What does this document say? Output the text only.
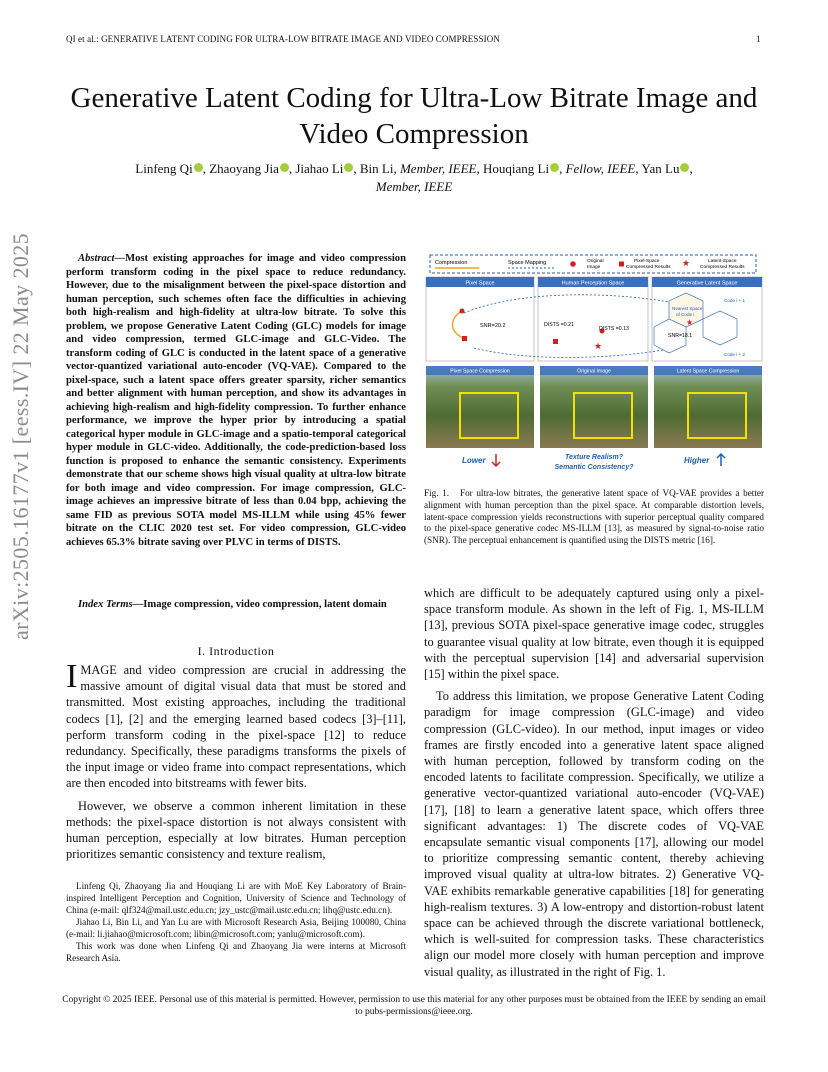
QI et al.: GENERATIVE LATENT CODING FOR ULTRA-LOW BITRATE IMAGE AND VIDEO COMPRESSION	1
arXiv:2505.16177v1 [eess.IV] 22 May 2025
Generative Latent Coding for Ultra-Low Bitrate Image and Video Compression
Linfeng Qi , Zhaoyang Jia , Jiahao Li , Bin Li, Member, IEEE, Houqiang Li , Fellow, IEEE, Yan Lu ,
Member, IEEE
Abstract—Most existing approaches for image and video compression perform transform coding in the pixel space to reduce redundancy. However, due to the misalignment between the pixel-space distortion and human perception, such schemes often face the difficulties in achieving both high-realism and high-fidelity at ultra-low bitrate. To solve this problem, we propose Generative Latent Coding (GLC) models for image and video compression, termed GLC-image and GLC-Video. The transform coding of GLC is conducted in the latent space of a generative vector-quantized variational auto-encoder (VQ-VAE). Compared to the pixel-space, such a latent space offers greater sparsity, richer semantics and better alignment with human perception, and show its advantages in achieving high-realism and high-fidelity compression. To further enhance performance, we improve the hyper prior by introducing a spatial categorical hyper module in GLC-image and a spatio-temporal categorical hyper module in GLC-video. Additionally, the code-prediction-based loss function is proposed to enhance the semantic consistency. Experiments demonstrate that our scheme shows high visual quality at ultra-low bitrate for both image and video compression. For image compression, GLC-image achieves an impressive bitrate of less than 0.04 bpp, achieving the same FID as previous SOTA model MS-ILLM while using 45% fewer bitrate on the CLIC 2020 test set. For video compression, GLC-video achieves 65.3% bitrate saving over PLVC in terms of DISTS.
Index Terms—Image compression, video compression, latent domain
I. Introduction

IMAGE and video compression are crucial in addressing the massive amount of digital visual data that must be stored and transmitted. Most existing approaches, including the traditional codecs [1], [2] and the emerging learned based codecs [3]–[11], perform transform coding in the pixel-space [12] to reduce redundancy. Specifically, these paradigms transforms the pixels of the input image or video frame into compact representations, which are then encoded into bitstreams with fewer bits.

However, we observe a common inherent limitation in these methods: the pixel-space distortion is not always consistent with human perception, especially at low bitrates. Human perception prioritizes semantic consistency and texture realism,

Linfeng Qi, Zhaoyang Jia and Houqiang Li are with MoE Key Laboratory of Brain-inspired Intelligent Perception and Cognition, University of Science and Technology of China (e-mail: qlf324@mail.ustc.edu.cn; jzy_ustc@mail.ustc.edu.cn; lihq@ustc.edu.cn).

Jiahao Li, Bin Li, and Yan Lu are with Microsoft Research Asia, Beijing 100080, China (e-mail: li.jiahao@microsoft.com; libin@microsoft.com; yanlu@microsoft.com).

This work was done when Linfeng Qi and Zhaoyang Jia were interns at Microsoft Research Asia.

Copyright © 2025 IEEE. Personal use of this material is permitted. However, permission to use this material for any other purposes must be obtained from the IEEE by sending an email to pubs-permissions@ieee.org.
Compression	Space Mapping	Original
Image
Pixel-Space
Compressed Results ★	Latent-Space
Compressed Results
Pixel Space	Human Perception Space	Generative Latent Space
SNR=20.2
★
DISTS =0.21
DISTS =0.13
Nearest Space
of Code i
SNR=18.1
★
Code i + 1
Code i + 2
Pixel Space Compression	Original Image	Latent Space Compression
Lower	Texture Realism?
Semantic Consistency?
Higher
Fig. 1. For ultra-low bitrates, the generative latent space of VQ-VAE provides a better alignment with human perception than the pixel space. At comparable distortion levels, latent-space compression yields reconstructions with superior perceptual quality compared to the pixel-space generative codec MS-ILLM [13], as measured by signal-to-noise ratio (SNR). The perceptual enhancement is quantified using the DISTS metric [16].

which are difficult to be adequately captured using only a pixel-space transform module. As shown in the left of Fig. 1, MS-ILLM [13], previous SOTA pixel-space generative image codec, struggles to guarantee visual quality at low bitrate, even though it is equipped with the perceptual supervision [14] and adversarial supervision [15] within the pixel space.

To address this limitation, we propose Generative Latent Coding paradigm for image compression (GLC-image) and video compression (GLC-video). In our method, input images or video frames are firstly encoded into a generative latent space aligned with human perception, followed by transform coding on the encoded latents to facilitate compression. Specifically, we utilize a generative vector-quantized variational auto-encoder (VQ-VAE) [17], [18] to learn a generative latent space, which offers three significant advantages: 1) The discrete codes of VQ-VAE encapsulate semantic visual components [17], allowing our model to prioritize compressing semantic content, thereby achieving improved visual quality at ultra-low bitrates. 2) Generative VQ-VAE exhibits remarkable generative capabilities [18] for generating high-realism textures. 3) A low-entropy and distortion-robust latent space can be achieved through the discrete variational bottleneck, which is well-suited for compression tasks. These characteristics align our model more closely with human perception and improve visual quality, as illustrated in the right of Fig. 1.
